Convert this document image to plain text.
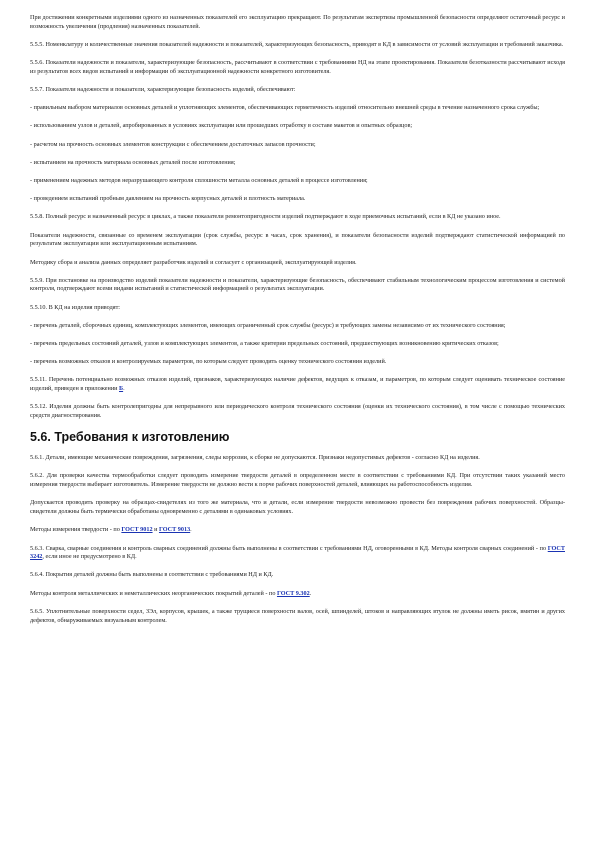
При достижении конкретными изделиями одного из назначенных показателей его эксплуатацию прекращают. По результатам экспертизы промышленной безопасности определяют остаточный ресурс и возможность увеличения (продления) назначенных показателей.

5.5.5. Номенклатуру и количественные значения показателей надежности и показателей, характеризующих безопасность, приводят в КД в зависимости от условий эксплуатации и требований заказчика.

5.5.6. Показатели надежности и показатели, характеризующие безопасность, рассчитывают в соответствии с требованиями НД на этапе проектирования. Показатели безотказности рассчитывают исходя из результатов всех видов испытаний и информации об эксплуатационной надежности конкретного изготовителя.

5.5.7. Показатели надежности и показатели, характеризующие безопасность изделий, обеспечивают:

- правильным выбором материалов основных деталей и уплотняющих элементов, обеспечивающих герметичность изделий относительно внешней среды в течение назначенного срока службы;

- использованием узлов и деталей, апробированных в условиях эксплуатации или прошедших отработку в составе макетов и опытных образцов;

- расчетом на прочность основных элементов конструкции с обеспечением достаточных запасов прочности;

- испытанием на прочность материала основных деталей после изготовления;

- применением надежных методов неразрушающего контроля сплошности металла основных деталей в процессе изготовления;

- проведением испытаний пробным давлением на прочность корпусных деталей и плотность материала.

5.5.8. Полный ресурс и назначенный ресурс в циклах, а также показатели ремонтопригодности изделий подтверждают в ходе приемочных испытаний, если в КД не указано иное.

Показатели надежности, связанные со временем эксплуатации (срок службы, ресурс в часах, срок хранения), и показатели безопасности изделий подтверждают статистической информацией по результатам эксплуатации или эксплуатационным испытаниям.

Методику сбора и анализа данных определяет разработчик изделий и согласует с организацией, эксплуатирующей изделия.

5.5.9. При постановке на производство изделий показатели надежности и показатели, характеризующие безопасность, обеспечивают стабильным технологическим процессом изготовления и системой контроля, подтверждают всеми видами испытаний и статистической информацией о результатах эксплуатации.

5.5.10. В КД на изделия приводят:

- перечень деталей, сборочных единиц, комплектующих элементов, имеющих ограниченный срок службы (ресурс) и требующих замены независимо от их технического состояния;

- перечень предельных состояний деталей, узлов и комплектующих элементов, а также критерии предельных состояний, предшествующих возникновению критических отказов;

- перечень возможных отказов и контролируемых параметров, по которым следует проводить оценку технического состояния изделий.

5.5.11. Перечень потенциально возможных отказов изделий, признаков, характеризующих наличие дефектов, ведущих к отказам, и параметров, по которым следует оценивать техническое состояние изделий, приведен в приложении Б.

5.5.12. Изделия должны быть контролепригодны для непрерывного или периодического контроля технического состояния (оценки их технического состояния), в том числе с помощью технических средств диагностирования.

5.6. Требования к изготовлению

5.6.1. Детали, имеющие механические повреждения, загрязнения, следы коррозии, к сборке не допускаются. Признаки недопустимых дефектов - согласно КД на изделия.

5.6.2. Для проверки качества термообработки следует проводить измерение твердости деталей в определенном месте в соответствии с требованиями КД. При отсутствии таких указаний место измерения твердости выбирает изготовитель. Измерение твердости не должно вести к порче рабочих поверхностей деталей, влияющих на работоспособность изделия.

Допускается проводить проверку на образцах-свидетелях из того же материала, что и детали, если измерение твердости невозможно провести без повреждения рабочих поверхностей. Образцы-свидетели должны быть термически обработаны одновременно с деталями в одинаковых условиях.

Методы измерения твердости - по ГОСТ 9012 и ГОСТ 9013.

5.6.3. Сварка, сварные соединения и контроль сварных соединений должны быть выполнены в соответствии с требованиями НД, оговоренными в КД. Методы контроля сварных соединений - по ГОСТ 3242, если иное не предусмотрено в КД.

5.6.4. Покрытия деталей должны быть выполнены в соответствии с требованиями НД и КД.

Методы контроля металлических и неметаллических неорганических покрытий деталей - по ГОСТ 9.302.

5.6.5. Уплотнительные поверхности седел, ЗЭл, корпусов, крышек, а также трущиеся поверхности валов, осей, шпинделей, штоков и направляющих втулок не должны иметь рисок, вмятин и других дефектов, обнаруживаемых визуальным контролем.
